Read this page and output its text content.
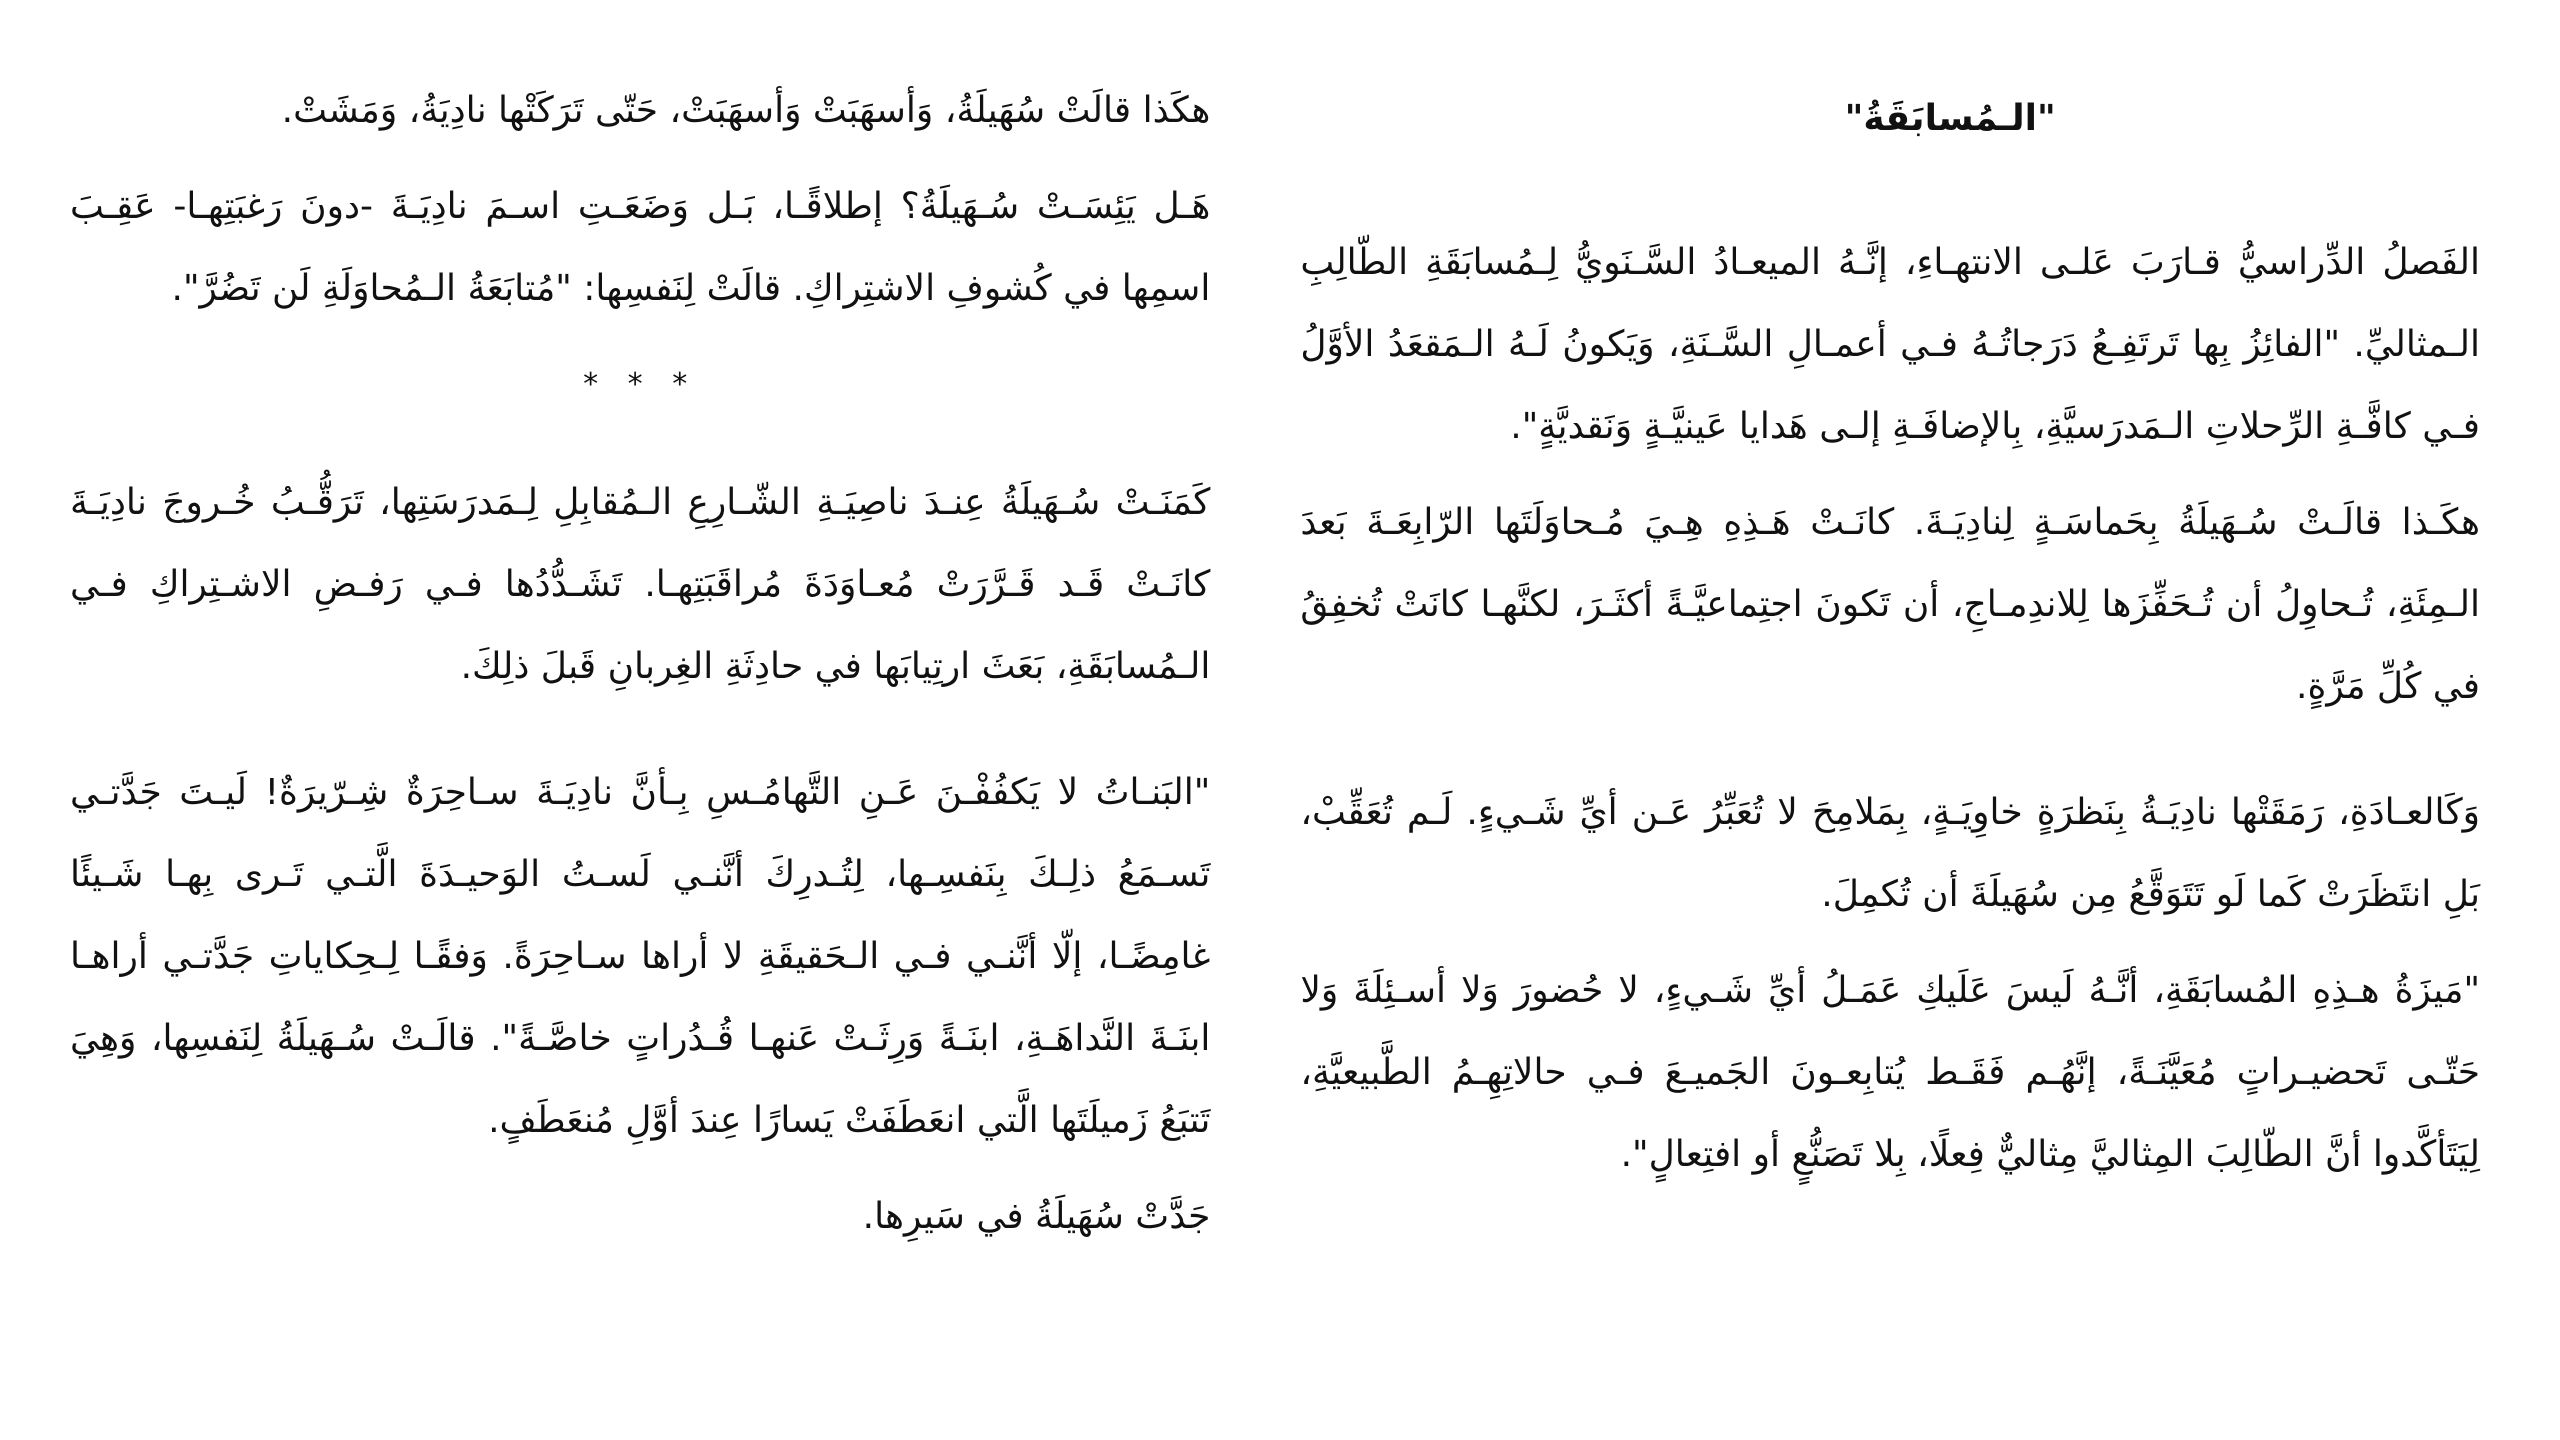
"الـمُسابَقَةُ"

الفَصلُ الدِّراسيُّ قـارَبَ عَلـى الانتهـاءِ، إنَّـهُ الميعـادُ السَّـنَويُّ لِـمُسابَقَةِ الطّالِبِ الـمثاليِّ. "الفائِزُ بِها تَرتَفِـعُ دَرَجاتُـهُ فـي أعمـالِ السَّـنَةِ، وَيَكونُ لَـهُ الـمَقعَدُ الأوَّلُ فـي كافَّـةِ الرِّحلاتِ الـمَدرَسيَّةِ، بِالإضافَـةِ إلـى هَدايا عَينيَّـةٍ وَنَقديَّةٍ".

هكَـذا قالَـتْ سُـهَيلَةُ بِحَماسَـةٍ لِنادِيَـةَ. كانَـتْ هَـذِهِ هِـيَ مُـحاوَلَتَها الرّابِعَـةَ بَعدَ الـمِئَةِ، تُـحاوِلُ أن تُـحَفِّزَها لِلاندِمـاجِ، أن تَكونَ اجتِماعيَّـةً أكثَـرَ، لكنَّهـا كانَتْ تُخفِقُ في كُلِّ مَرَّةٍ.

وَكَالعـادَةِ، رَمَقَتْها نادِيَـةُ بِنَظرَةٍ خاوِيَـةٍ، بِمَلامِحَ لا تُعَبِّرُ عَـن أيِّ شَـيءٍ. لَـم تُعَقِّبْ، بَلِ انتَظَرَتْ كَما لَو تَتَوَقَّعُ مِن سُهَيلَةَ أن تُكمِلَ.

"مَيزَةُ هـذِهِ المُسابَقَةِ، أنَّـهُ لَيسَ عَلَيكِ عَمَـلُ أيِّ شَـيءٍ، لا حُضورَ وَلا أسـئِلَةَ وَلا حَتّـى تَحضيـراتٍ مُعَيَّنَـةً، إنَّهُـم فَقَـط يُتابِعـونَ الجَميـعَ فـي حالاتِهِـمُ الطَّبيعيَّةِ، لِيَتَأكَّدوا أنَّ الطّالِبَ المِثاليَّ مِثاليٌّ فِعلًا، بِلا تَصَنُّعٍ أو افتِعالٍ".

هكَذا قالَتْ سُهَيلَةُ، وَأسهَبَتْ وَأسهَبَتْ، حَتّى تَرَكَتْها نادِيَةُ، وَمَشَتْ.

هَـل يَئِسَـتْ سُـهَيلَةُ؟ إطلاقًـا، بَـل وَضَعَـتِ اسـمَ نادِيَـةَ -دونَ رَغبَتِهـا- عَقِـبَ اسمِها في كُشوفِ الاشتِراكِ. قالَتْ لِنَفسِها: "مُتابَعَةُ الـمُحاوَلَةِ لَن تَضُرَّ".

* * *

كَمَنَـتْ سُـهَيلَةُ عِنـدَ ناصِيَـةِ الشّـارِعِ الـمُقابِلِ لِـمَدرَسَتِها، تَرَقُّـبُ خُـروجَ نادِيَـةَ كانَـتْ قَـد قَـرَّرَتْ مُعـاوَدَةَ مُراقَبَتِهـا. تَشَـدُّدُها فـي رَفـضِ الاشـتِراكِ فـي الـمُسابَقَةِ، بَعَثَ ارتِيابَها في حادِثَةِ الغِربانِ قَبلَ ذلِكَ.

"البَنـاتُ لا يَكفُفْـنَ عَـنِ التَّهامُـسِ بِـأنَّ نادِيَـةَ سـاحِرَةٌ شِـرّيرَةٌ! لَيـتَ جَدَّتـي تَسـمَعُ ذلِـكَ بِنَفسِـها، لِتُـدرِكَ أنَّنـي لَسـتُ الوَحيـدَةَ الَّتـي تَـرى بِهـا شَـيئًا غامِضًـا، إلّا أنَّنـي فـي الـحَقيقَةِ لا أراها سـاحِرَةً. وَفقًـا لِـحِكاياتِ جَدَّتـي أراهـا ابنَـةَ النَّداهَـةِ، ابنَـةً وَرِثَـتْ عَنهـا قُـدُراتٍ خاصَّـةً". قالَـتْ سُـهَيلَةُ لِنَفسِها، وَهِيَ تَتبَعُ زَميلَتَها الَّتي انعَطَفَتْ يَسارًا عِندَ أوَّلِ مُنعَطَفٍ.

جَدَّتْ سُهَيلَةُ في سَيرِها.
